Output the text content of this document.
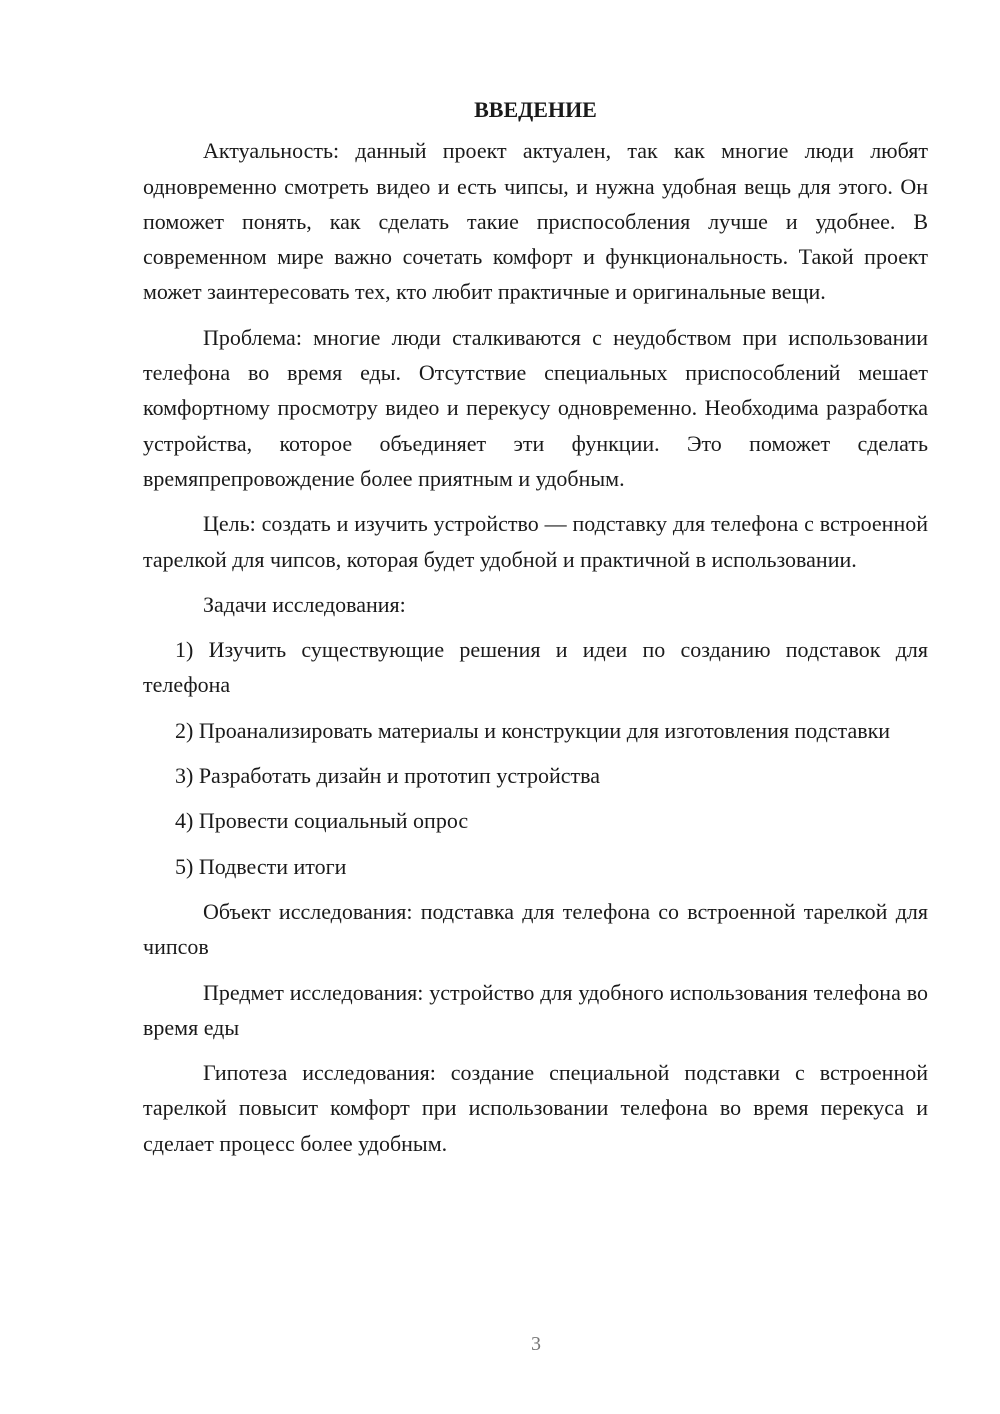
ВВЕДЕНИЕ

Актуальность: данный проект актуален, так как многие люди любят одновременно смотреть видео и есть чипсы, и нужна удобная вещь для этого. Он поможет понять, как сделать такие приспособления лучше и удобнее. В современном мире важно сочетать комфорт и функциональность. Такой проект может заинтересовать тех, кто любит практичные и оригинальные вещи.

Проблема: многие люди сталкиваются с неудобством при использовании телефона во время еды. Отсутствие специальных приспособлений мешает комфортному просмотру видео и перекусу одновременно. Необходима разработка устройства, которое объединяет эти функции. Это поможет сделать времяпрепровождение более приятным и удобным.

Цель: создать и изучить устройство — подставку для телефона с встроенной тарелкой для чипсов, которая будет удобной и практичной в использовании.

Задачи исследования:

1) Изучить существующие решения и идеи по созданию подставок для телефона

2) Проанализировать материалы и конструкции для изготовления подставки

3) Разработать дизайн и прототип устройства

4) Провести социальный опрос

5) Подвести итоги

Объект исследования: подставка для телефона со встроенной тарелкой для чипсов

Предмет исследования: устройство для удобного использования телефона во время еды

Гипотеза исследования: создание специальной подставки с встроенной тарелкой повысит комфорт при использовании телефона во время перекуса и сделает процесс более удобным.

3
